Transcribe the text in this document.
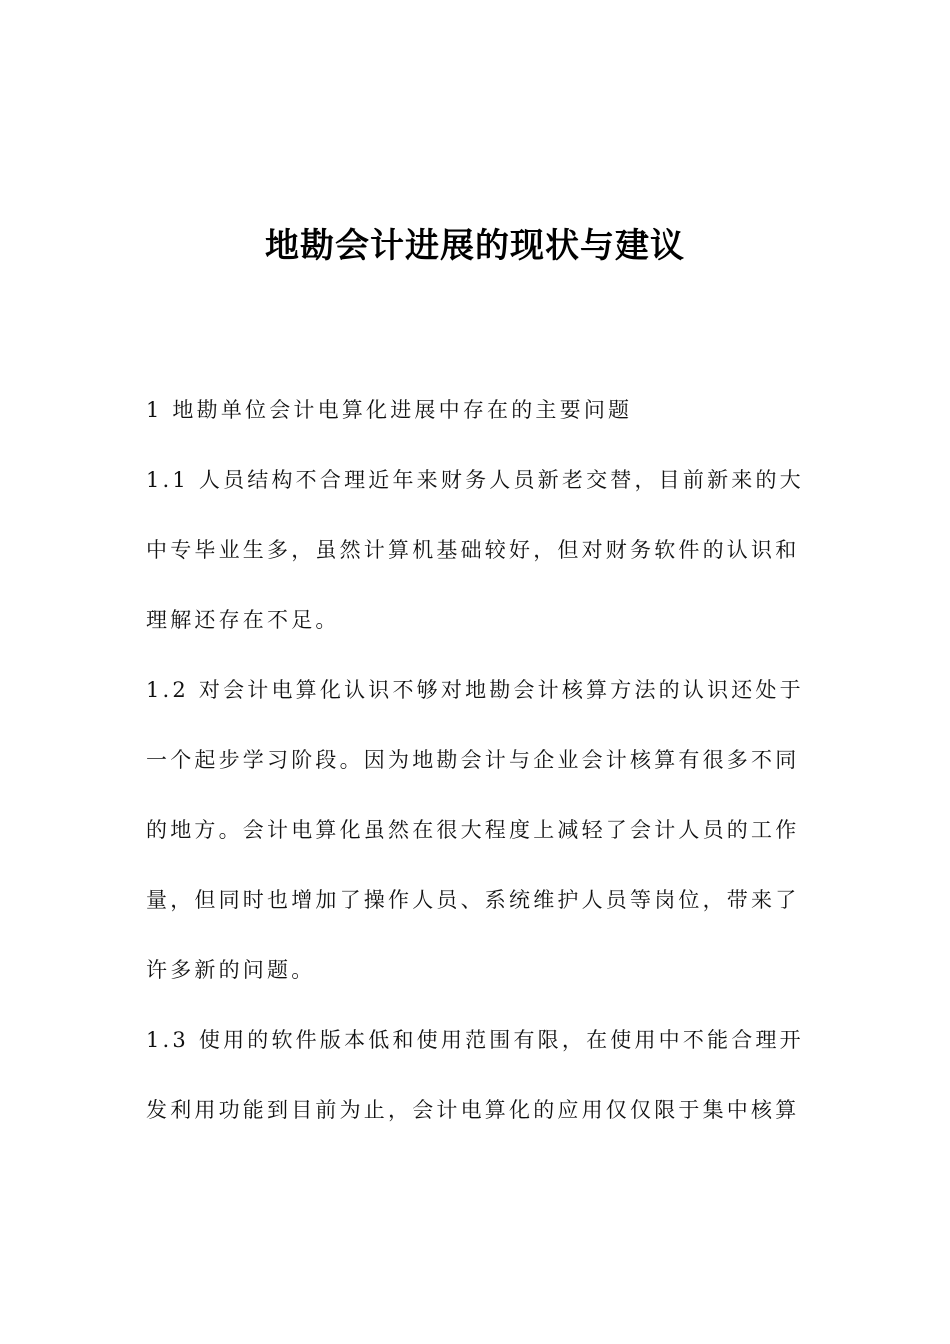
地勘会计进展的现状与建议

1 地勘单位会计电算化进展中存在的主要问题

1.1 人员结构不合理近年来财务人员新老交替，目前新来的大中专毕业生多，虽然计算机基础较好，但对财务软件的认识和理解还存在不足。

1.2 对会计电算化认识不够对地勘会计核算方法的认识还处于一个起步学习阶段。因为地勘会计与企业会计核算有很多不同的地方。会计电算化虽然在很大程度上减轻了会计人员的工作量，但同时也增加了操作人员、系统维护人员等岗位，带来了许多新的问题。

1.3 使用的软件版本低和使用范围有限，在使用中不能合理开发利用功能到目前为止，会计电算化的应用仅仅限于集中核算
